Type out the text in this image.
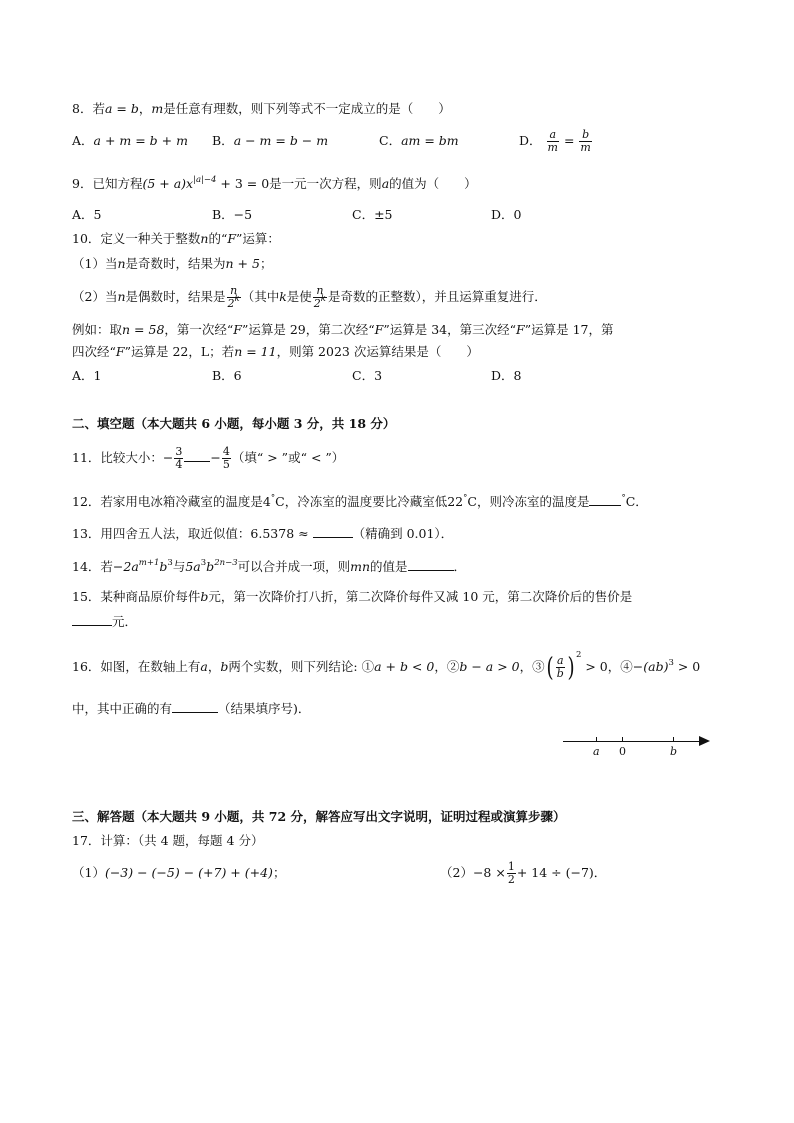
8．若a = b，m是任意有理数，则下列等式不一定成立的是（　　）
A．a + m = b + m B．a − m = b − m	C．am = bm	D． $\frac{a}{m} = \frac{b}{m}$
9．已知方程$(5 + a)x^{|a|-4} + 3 = 0$是一元一次方程，则a的值为（　　）
A．5	B．−5	C．±5	D．0
10．定义一种关于整数n的“F”运算：
（1）当n是奇数时，结果为n + 5；
（2）当n是偶数时，结果是 $\frac{n}{2^k}$ （其中k是使 $\frac{n}{2^k}$ 是奇数的正整数），并且运算重复进行．
例如：取n = 58，第一次经“F”运算是 29，第二次经“F”运算是 34，第三次经“F”运算是 17，第
四次经“F”运算是 22，L；若n = 11，则第 2023 次运算结果是（　　）
A．1	B．6	C．3	D．8
二、填空题（本大题共 6 小题，每小题 3 分，共 18 分）
11．比较大小：− $\frac{3}{4} - \frac{4}{5}$ （填“ > ”或“ < ”）
12．若家用电冰箱冷藏室的温度是4°C，冷冻室的温度要比冷藏室低22°C，则冷冻室的温度是	°C．
13．用四舍五人法，取近似值：6.5378 ≈	（精确到 0.01）．
14．若$-2a^{m+1}b^3$与$5a^3b^{2n-3}$可以合并成一项，则mn的值是	．
15．某种商品原价每件b元，第一次降价打八折，第二次降价每件又减 10 元，第二次降价后的售价是
元．
16．如图，在数轴上有a，b两个实数，则下列结论: ①a + b < 0，②b − a > 0，③( $\frac{a}{b}$ ) $^2$ > 0，④−(ab)$^3$ > 0
中，其中正确的有	（结果填序号)．
a 0	b
三、解答题（本大题共 9 小题，共 72 分，解答应写出文字说明，证明过程或演算步骤）
17．计算：（共 4 题，每题 4 分）
（1）(−3) − (−5) − (+7) + (+4)；	$(2)-8 \times \frac{1}{2} + 14 \div (-7)$．
